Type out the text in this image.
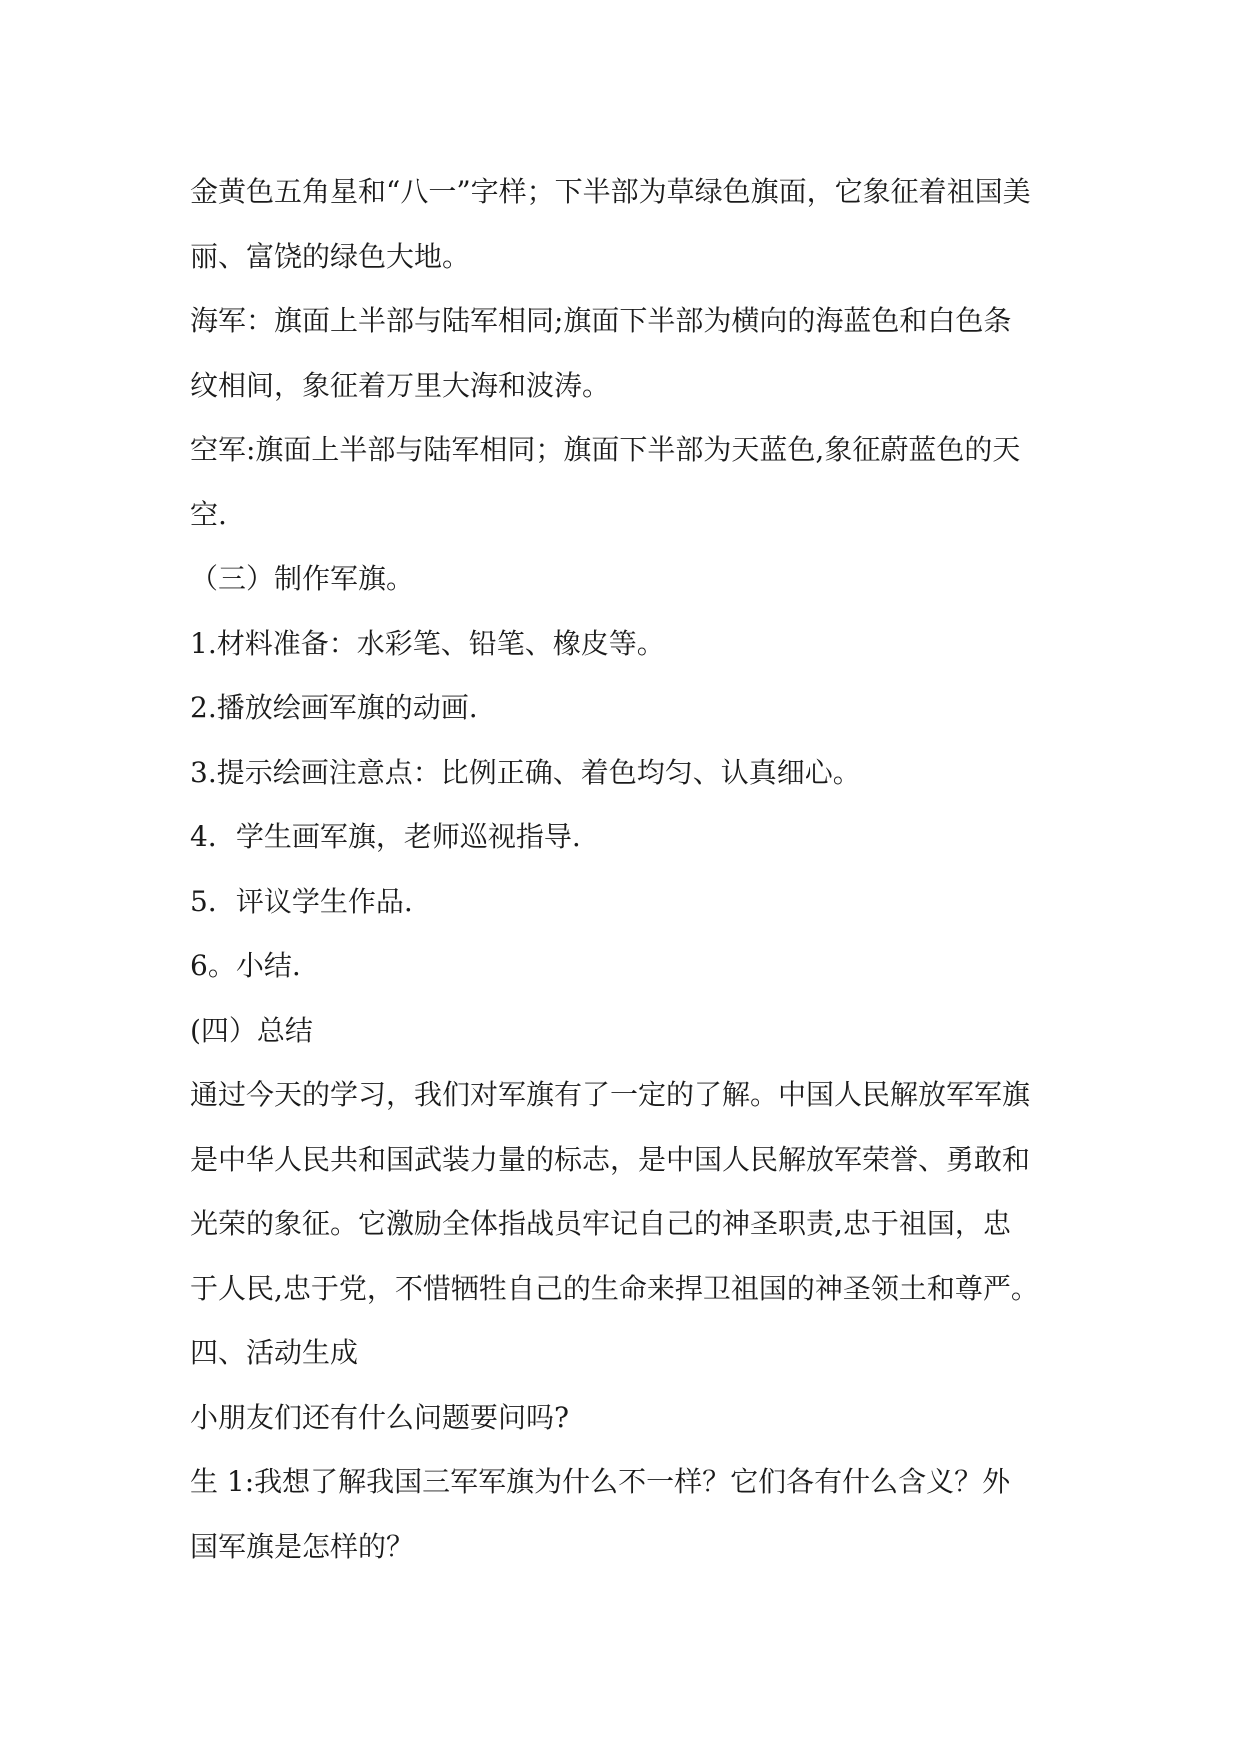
金黄色五角星和“八一”字样；下半部为草绿色旗面，它象征着祖国美
丽、富饶的绿色大地。
海军：旗面上半部与陆军相同;旗面下半部为横向的海蓝色和白色条
纹相间，象征着万里大海和波涛。
空军:旗面上半部与陆军相同；旗面下半部为天蓝色,象征蔚蓝色的天
空.
（三）制作军旗。
1.材料准备：水彩笔、铅笔、橡皮等。
2.播放绘画军旗的动画.
3.提示绘画注意点：比例正确、着色均匀、认真细心。
4．学生画军旗，老师巡视指导.
5．评议学生作品.
6。小结.
(四）总结
通过今天的学习，我们对军旗有了一定的了解。中国人民解放军军旗
是中华人民共和国武装力量的标志，是中国人民解放军荣誉、勇敢和
光荣的象征。它激励全体指战员牢记自己的神圣职责,忠于祖国，忠
于人民,忠于党，不惜牺牲自己的生命来捍卫祖国的神圣领土和尊严。
四、活动生成
小朋友们还有什么问题要问吗?
生 1:我想了解我国三军军旗为什么不一样？它们各有什么含义？外
国军旗是怎样的？
